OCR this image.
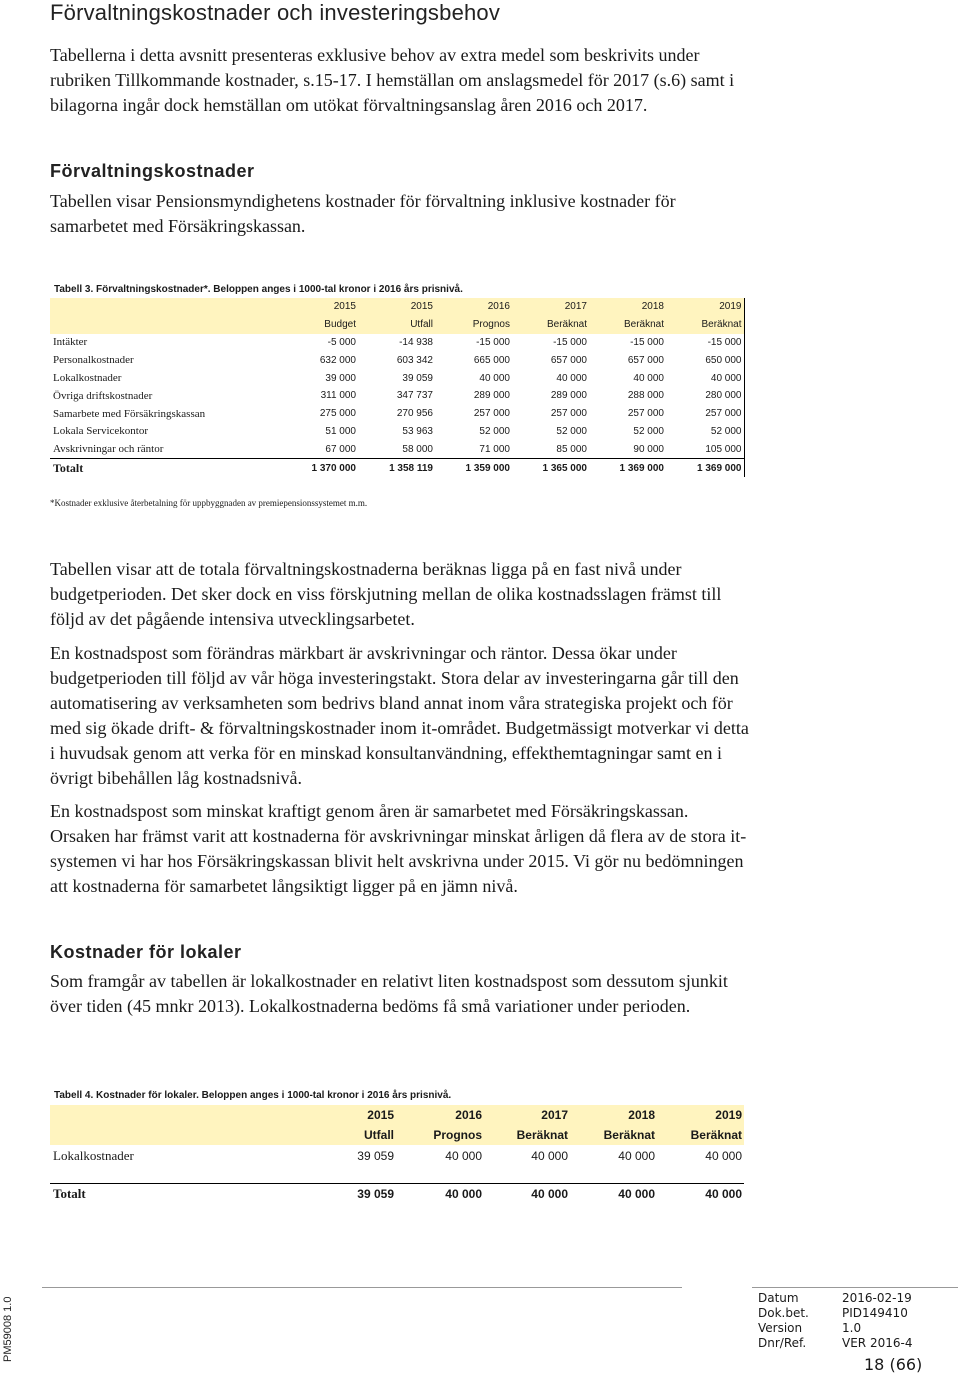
Förvaltningskostnader och investeringsbehov

Tabellerna i detta avsnitt presenteras exklusive behov av extra medel som beskrivits under rubriken Tillkommande kostnader, s.15-17. I hemställan om anslagsmedel för 2017 (s.6) samt i bilagorna ingår dock hemställan om utökat förvaltningsanslag åren 2016 och 2017.

Förvaltningskostnader

Tabellen visar Pensionsmyndighetens kostnader för förvaltning inklusive kostnader för samarbetet med Försäkringskassan.

Tabell 3. Förvaltningskostnader*. Beloppen anges i 1000-tal kronor i 2016 års prisnivå.
	2015	2015	2016	2017	2018	2019
	Budget	Utfall	Prognos	Beräknat	Beräknat	Beräknat
Intäkter	-5 000	-14 938	-15 000	-15 000	-15 000	-15 000
Personalkostnader	632 000	603 342	665 000	657 000	657 000	650 000
Lokalkostnader	39 000	39 059	40 000	40 000	40 000	40 000
Övriga driftskostnader	311 000	347 737	289 000	289 000	288 000	280 000
Samarbete med Försäkringskassan	275 000	270 956	257 000	257 000	257 000	257 000
Lokala Servicekontor	51 000	53 963	52 000	52 000	52 000	52 000
Avskrivningar och räntor	67 000	58 000	71 000	85 000	90 000	105 000
Totalt	1 370 000	1 358 119	1 359 000	1 365 000	1 369 000	1 369 000
*Kostnader exklusive återbetalning för uppbyggnaden av premiepensionssystemet m.m.

Tabellen visar att de totala förvaltningskostnaderna beräknas ligga på en fast nivå under budgetperioden. Det sker dock en viss förskjutning mellan de olika kostnadsslagen främst till följd av det pågående intensiva utvecklingsarbetet.

En kostnadspost som förändras märkbart är avskrivningar och räntor. Dessa ökar under budgetperioden till följd av vår höga investeringstakt. Stora delar av investeringarna går till den automatisering av verksamheten som bedrivs bland annat inom våra strategiska projekt och för med sig ökade drift- & förvaltningskostnader inom it-området. Budgetmässigt motverkar vi detta i huvudsak genom att verka för en minskad konsultanvändning, effekthemtagningar samt en i övrigt bibehållen låg kostnadsnivå.

En kostnadspost som minskat kraftigt genom åren är samarbetet med Försäkringskassan. Orsaken har främst varit att kostnaderna för avskrivningar minskat årligen då flera av de stora it-systemen vi har hos Försäkringskassan blivit helt avskrivna under 2015. Vi gör nu bedömningen att kostnaderna för samarbetet långsiktigt ligger på en jämn nivå.

Kostnader för lokaler

Som framgår av tabellen är lokalkostnader en relativt liten kostnadspost som dessutom sjunkit över tiden (45 mnkr 2013). Lokalkostnaderna bedöms få små variationer under perioden.

Tabell 4. Kostnader för lokaler. Beloppen anges i 1000-tal kronor i 2016 års prisnivå.
	2015	2016	2017	2018	2019
	Utfall	Prognos	Beräknat	Beräknat	Beräknat
Lokalkostnader	39 059	40 000	40 000	40 000	40 000

Totalt	39 059	40 000	40 000	40 000	40 000
PM59008 1.0	Datum	2016-02-19
Dok.bet.	PID149410
Version	1.0
Dnr/Ref.	VER 2016-4
18 (66)
